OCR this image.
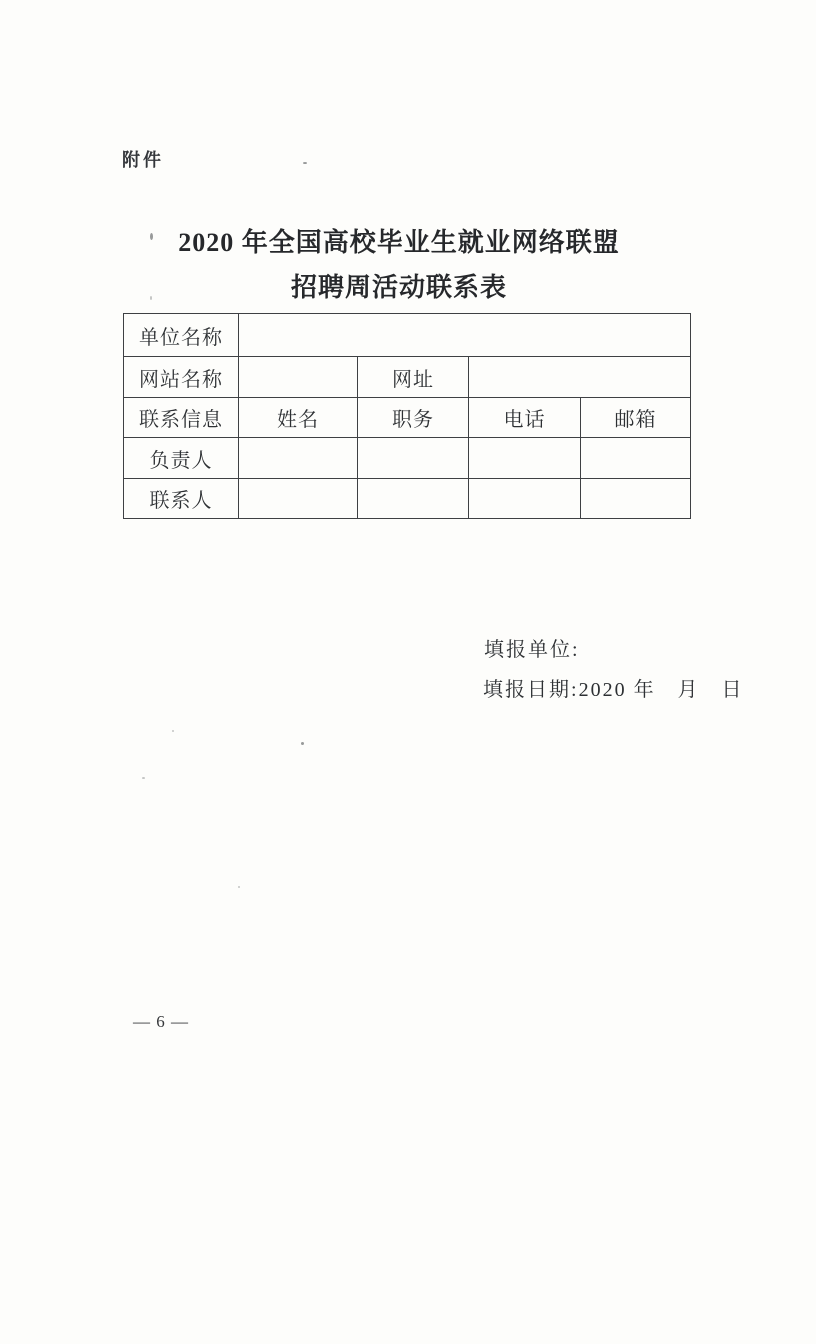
附件
2020 年全国高校毕业生就业网络联盟
招聘周活动联系表
单位名称				
网站名称		网址		
联系信息	姓名	职务	电话	邮箱
负责人				
联系人				

填报单位:

填报日期:2020 年　月　日

— 6 —
